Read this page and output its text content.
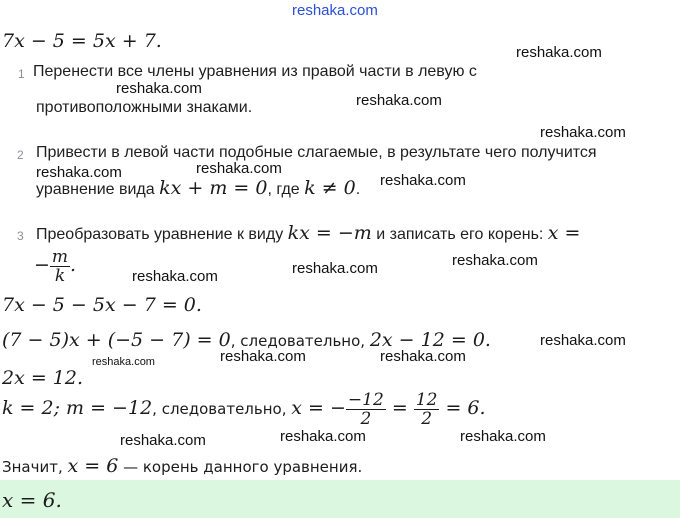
reshaka.com
7x − 5 = 5x + 7.
1 Перенести все члены уравнения из правой части в левую с
противоположными знаками.
2 Привести в левой части подобные слагаемые, в результате чего получится
уравнение вида kx + m = 0, где k ≠ 0.
3 Преобразовать уравнение к виду kx = −m и записать его корень: x =
− $\frac{m}{k}$ .
7x − 5 − 5x − 7 = 0.
(7 − 5)x + (−5 − 7) = 0, следовательно, 2x − 12 = 0.
2x = 12.
k = 2; m = −12, следовательно, x = − $\frac{-12}{2} = \frac{12}{2} = 6$.
Значит, x = 6 — корень данного уравнения.
x = 6.
reshaka.com
reshaka.com
reshaka.com
reshaka.com
reshaka.com	reshaka.com
reshaka.com
reshaka.com
reshaka.com
reshaka.com
reshaka.com
reshaka.com	reshaka.com	reshaka.com
reshaka.com	reshaka.com	reshaka.com
